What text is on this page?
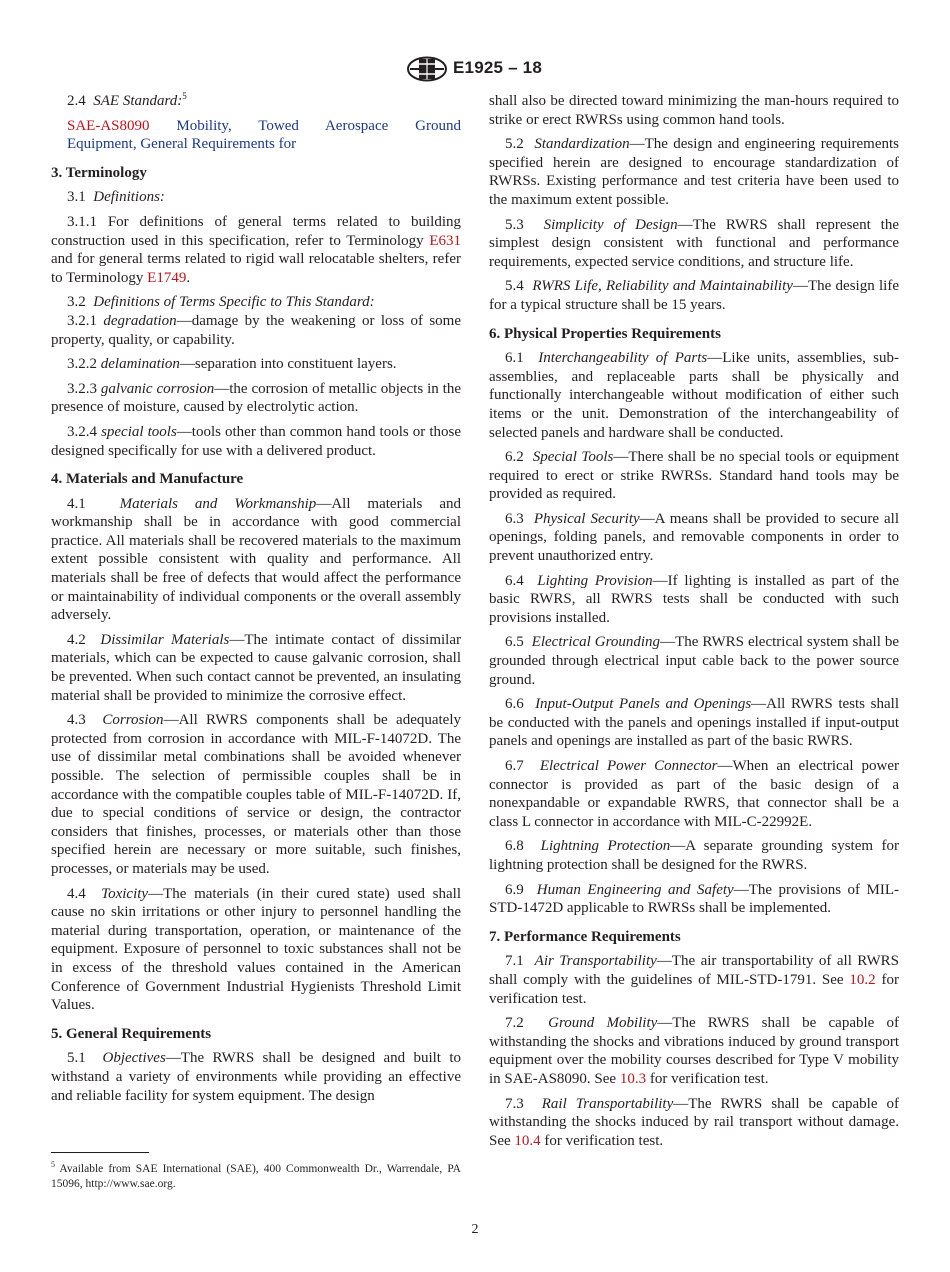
E1925 – 18

2.4 SAE Standard:$^5$

SAE-AS8090 Mobility, Towed Aerospace Ground

Equipment, General Requirements for

3. Terminology

3.1 Definitions:

3.1.1 For definitions of general terms related to building construction used in this specification, refer to Terminology E631 and for general terms related to rigid wall relocatable shelters, refer to Terminology E1749.

3.2 Definitions of Terms Specific to This Standard:

3.2.1 degradation—damage by the weakening or loss of some property, quality, or capability.

3.2.2 delamination—separation into constituent layers.

3.2.3 galvanic corrosion—the corrosion of metallic objects in the presence of moisture, caused by electrolytic action.

3.2.4 special tools—tools other than common hand tools or those designed specifically for use with a delivered product.

4. Materials and Manufacture

4.1 Materials and Workmanship—All materials and workmanship shall be in accordance with good commercial practice. All materials shall be recovered materials to the maximum extent possible consistent with quality and performance. All materials shall be free of defects that would affect the performance or maintainability of individual components or the overall assembly adversely.

4.2 Dissimilar Materials—The intimate contact of dissimilar materials, which can be expected to cause galvanic corrosion, shall be prevented. When such contact cannot be prevented, an insulating material shall be provided to minimize the corrosive effect.

4.3 Corrosion—All RWRS components shall be adequately protected from corrosion in accordance with MIL-F-14072D. The use of dissimilar metal combinations shall be avoided whenever possible. The selection of permissible couples shall be in accordance with the compatible couples table of MIL-F-14072D. If, due to special conditions of service or design, the contractor considers that finishes, processes, or materials other than those specified herein are necessary or more suitable, such finishes, processes, or materials may be used.

4.4 Toxicity—The materials (in their cured state) used shall cause no skin irritations or other injury to personnel handling the material during transportation, operation, or maintenance of the equipment. Exposure of personnel to toxic substances shall not be in excess of the threshold values contained in the American Conference of Government Industrial Hygienists Threshold Limit Values.

5. General Requirements

5.1 Objectives—The RWRS shall be designed and built to withstand a variety of environments while providing an effective and reliable facility for system equipment. The design

shall also be directed toward minimizing the man-hours required to strike or erect RWRSs using common hand tools.

5.2 Standardization—The design and engineering requirements specified herein are designed to encourage standardization of RWRSs. Existing performance and test criteria have been used to the maximum extent possible.

5.3 Simplicity of Design—The RWRS shall represent the simplest design consistent with functional and performance requirements, expected service conditions, and structure life.

5.4 RWRS Life, Reliability and Maintainability—The design life for a typical structure shall be 15 years.

6. Physical Properties Requirements

6.1 Interchangeability of Parts—Like units, assemblies, sub-assemblies, and replaceable parts shall be physically and functionally interchangeable without modification of either such items or the unit. Demonstration of the interchangeability of selected panels and hardware shall be conducted.

6.2 Special Tools—There shall be no special tools or equipment required to erect or strike RWRSs. Standard hand tools may be provided as required.

6.3 Physical Security—A means shall be provided to secure all openings, folding panels, and removable components in order to prevent unauthorized entry.

6.4 Lighting Provision—If lighting is installed as part of the basic RWRS, all RWRS tests shall be conducted with such provisions installed.

6.5 Electrical Grounding—The RWRS electrical system shall be grounded through electrical input cable back to the power source ground.

6.6 Input-Output Panels and Openings—All RWRS tests shall be conducted with the panels and openings installed if input-output panels and openings are installed as part of the basic RWRS.

6.7 Electrical Power Connector—When an electrical power connector is provided as part of the basic design of a nonexpandable or expandable RWRS, that connector shall be a class L connector in accordance with MIL-C-22992E.

6.8 Lightning Protection—A separate grounding system for lightning protection shall be designed for the RWRS.

6.9 Human Engineering and Safety—The provisions of MIL-STD-1472D applicable to RWRSs shall be implemented.

7. Performance Requirements

7.1 Air Transportability—The air transportability of all RWRS shall comply with the guidelines of MIL-STD-1791. See 10.2 for verification test.

7.2 Ground Mobility—The RWRS shall be capable of withstanding the shocks and vibrations induced by ground transport equipment over the mobility courses described for Type V mobility in SAE-AS8090. See 10.3 for verification test.

7.3 Rail Transportability—The RWRS shall be capable of withstanding the shocks induced by rail transport without damage. See 10.4 for verification test.

$^5$ Available from SAE International (SAE), 400 Commonwealth Dr., Warrendale, PA 15096, http://www.sae.org.
2
